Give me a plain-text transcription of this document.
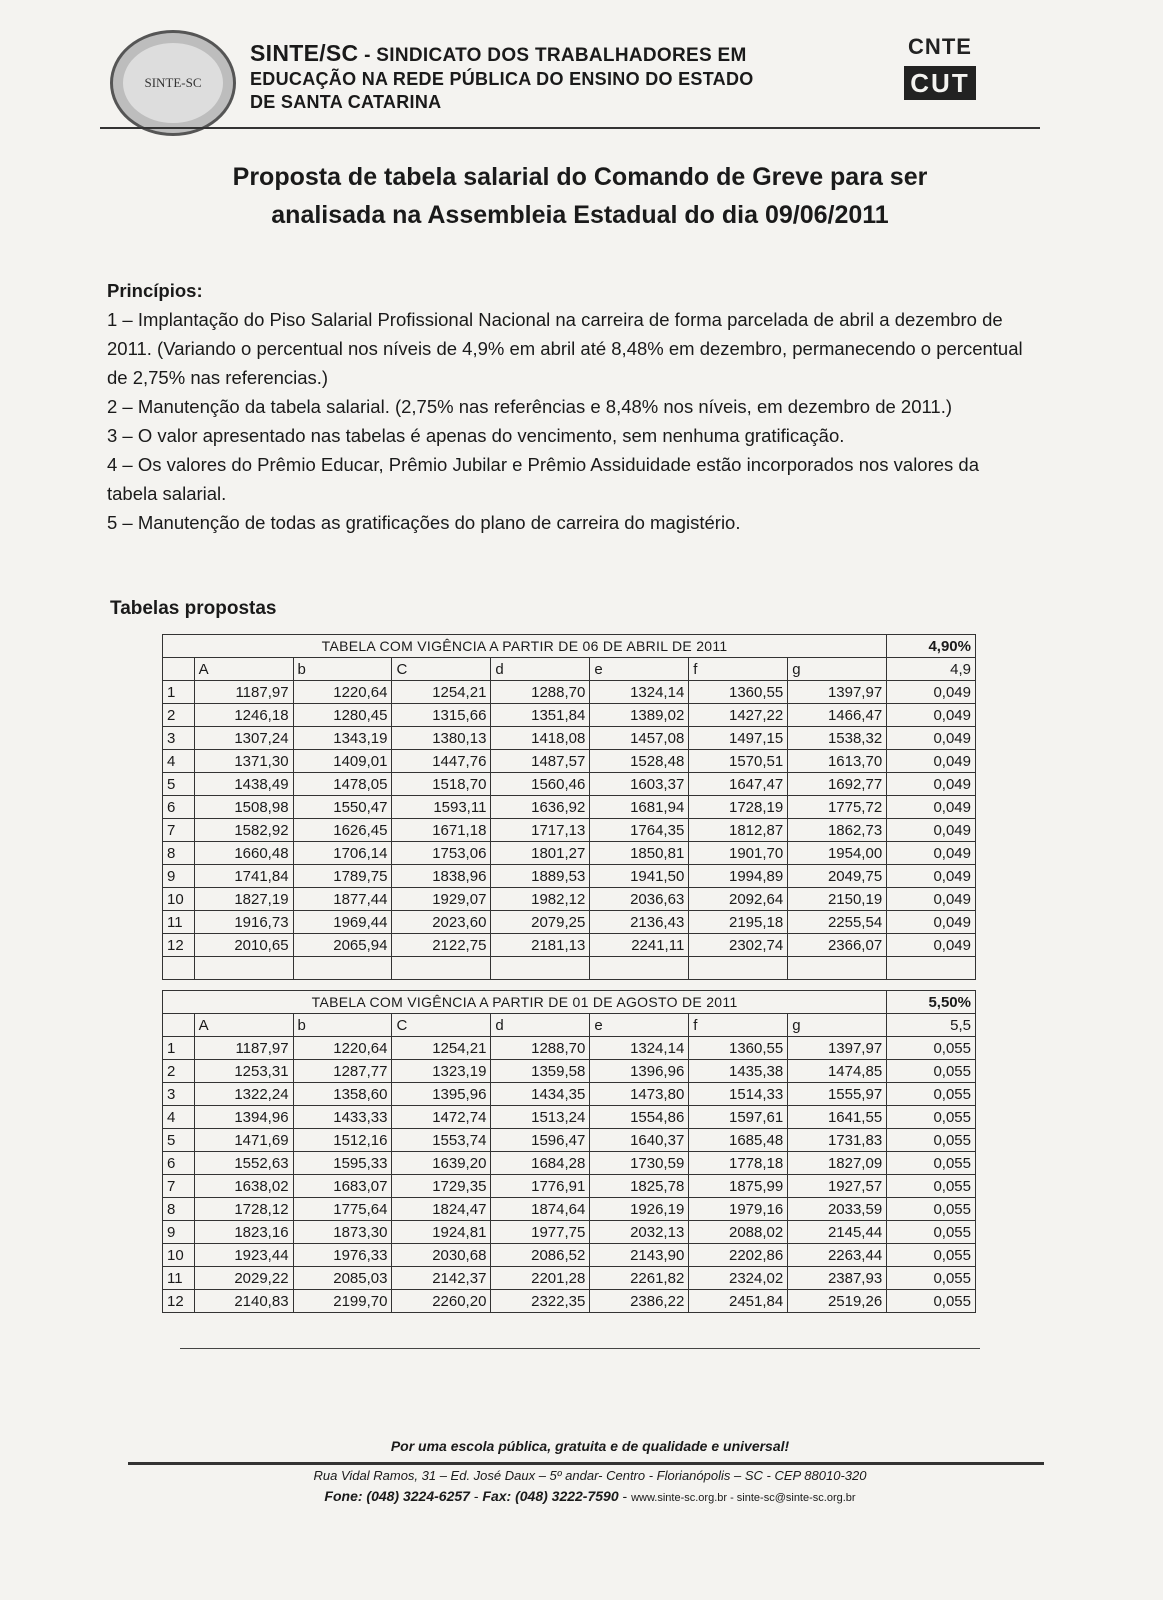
SINTE-SC
SINTE/SC - SINDICATO DOS TRABALHADORES EM
EDUCAÇÃO NA REDE PÚBLICA DO ENSINO DO ESTADO
DE SANTA CATARINA
CNTE
CUT
Proposta de tabela salarial do Comando de Greve para ser
analisada na Assembleia Estadual do dia 09/06/2011

Princípios:

1 – Implantação do Piso Salarial Profissional Nacional na carreira de forma parcelada de abril a dezembro de 2011. (Variando o percentual nos níveis de 4,9% em abril até 8,48% em dezembro, permanecendo o percentual de 2,75% nas referencias.)

2 – Manutenção da tabela salarial. (2,75% nas referências e 8,48% nos níveis, em dezembro de 2011.)

3 – O valor apresentado nas tabelas é apenas do vencimento, sem nenhuma gratificação.

4 – Os valores do Prêmio Educar, Prêmio Jubilar e Prêmio Assiduidade estão incorporados nos valores da tabela salarial.

5 – Manutenção de todas as gratificações do plano de carreira do magistério.

Tabelas propostas
TABELA COM VIGÊNCIA A PARTIR DE 06 DE ABRIL DE 2011								4,90%
	A	b	C	d	e	f	g	4,9
1	1187,97	1220,64	1254,21	1288,70	1324,14	1360,55	1397,97	0,049
2	1246,18	1280,45	1315,66	1351,84	1389,02	1427,22	1466,47	0,049
3	1307,24	1343,19	1380,13	1418,08	1457,08	1497,15	1538,32	0,049
4	1371,30	1409,01	1447,76	1487,57	1528,48	1570,51	1613,70	0,049
5	1438,49	1478,05	1518,70	1560,46	1603,37	1647,47	1692,77	0,049
6	1508,98	1550,47	1593,11	1636,92	1681,94	1728,19	1775,72	0,049
7	1582,92	1626,45	1671,18	1717,13	1764,35	1812,87	1862,73	0,049
8	1660,48	1706,14	1753,06	1801,27	1850,81	1901,70	1954,00	0,049
9	1741,84	1789,75	1838,96	1889,53	1941,50	1994,89	2049,75	0,049
10	1827,19	1877,44	1929,07	1982,12	2036,63	2092,64	2150,19	0,049
11	1916,73	1969,44	2023,60	2079,25	2136,43	2195,18	2255,54	0,049
12	2010,65	2065,94	2122,75	2181,13	2241,11	2302,74	2366,07	0,049

TABELA COM VIGÊNCIA A PARTIR DE 01 DE AGOSTO DE 2011								5,50%
	A	b	C	d	e	f	g	5,5
1	1187,97	1220,64	1254,21	1288,70	1324,14	1360,55	1397,97	0,055
2	1253,31	1287,77	1323,19	1359,58	1396,96	1435,38	1474,85	0,055
3	1322,24	1358,60	1395,96	1434,35	1473,80	1514,33	1555,97	0,055
4	1394,96	1433,33	1472,74	1513,24	1554,86	1597,61	1641,55	0,055
5	1471,69	1512,16	1553,74	1596,47	1640,37	1685,48	1731,83	0,055
6	1552,63	1595,33	1639,20	1684,28	1730,59	1778,18	1827,09	0,055
7	1638,02	1683,07	1729,35	1776,91	1825,78	1875,99	1927,57	0,055
8	1728,12	1775,64	1824,47	1874,64	1926,19	1979,16	2033,59	0,055
9	1823,16	1873,30	1924,81	1977,75	2032,13	2088,02	2145,44	0,055
10	1923,44	1976,33	2030,68	2086,52	2143,90	2202,86	2263,44	0,055
11	2029,22	2085,03	2142,37	2201,28	2261,82	2324,02	2387,93	0,055
12	2140,83	2199,70	2260,20	2322,35	2386,22	2451,84	2519,26	0,055
Por uma escola pública, gratuita e de qualidade e universal!
Rua Vidal Ramos, 31 – Ed. José Daux – 5º andar- Centro - Florianópolis – SC - CEP 88010-320
Fone: (048) 3224-6257 - Fax: (048) 3222-7590 - www.sinte-sc.org.br - sinte-sc@sinte-sc.org.br
